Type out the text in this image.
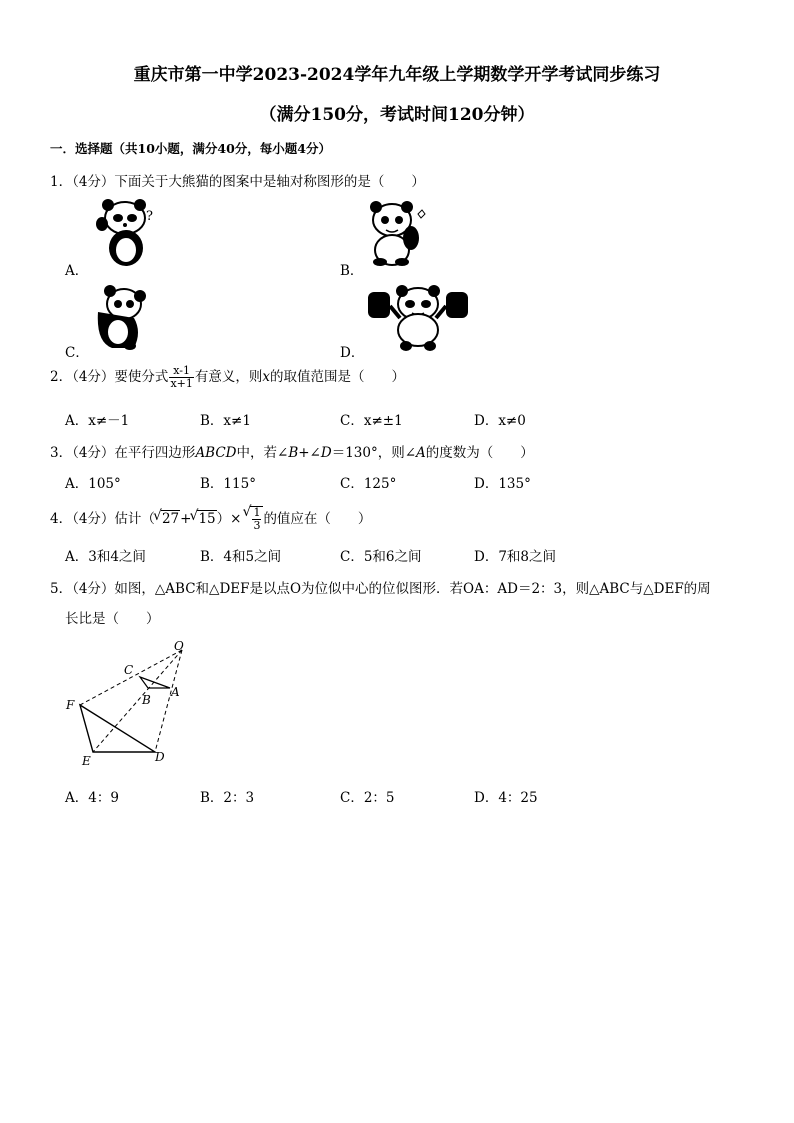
重庆市第一中学2023-2024学年九年级上学期数学开学考试同步练习
（满分150分，考试时间120分钟）
一．选择题（共10小题，满分40分，每小题4分）
1．（4分）下面关于大熊猫的图案中是轴对称图形的是（　　）
A．
?
B．
C．	D．
2．（4分）要使分式 $\frac{x-1}{x+1}$ 有意义，则x的取值范围是（　　）
A．x≠－1	B．x≠1	C．x≠±1	D．x≠0
3．（4分）在平行四边形ABCD中，若∠B+∠D＝130°，则∠A的度数为（　　）
A．105°	B．115°	C．125°	D．135°
4．（4分）估计（ √ 27+ √ 15）× √ $\frac{1}{3}$ 的值应在（　　）
A．3和4之间	B．4和5之间	C．5和6之间	D．7和8之间
5．（4分）如图，△ABC和△DEF是以点O为位似中心的位似图形．若OA：AD＝2：3，则△ABC与△DEF的周
长比是（　　）
O
C
A
B
F
E	D
A．4：9	B．2：3	C．2：5	D．4：25
